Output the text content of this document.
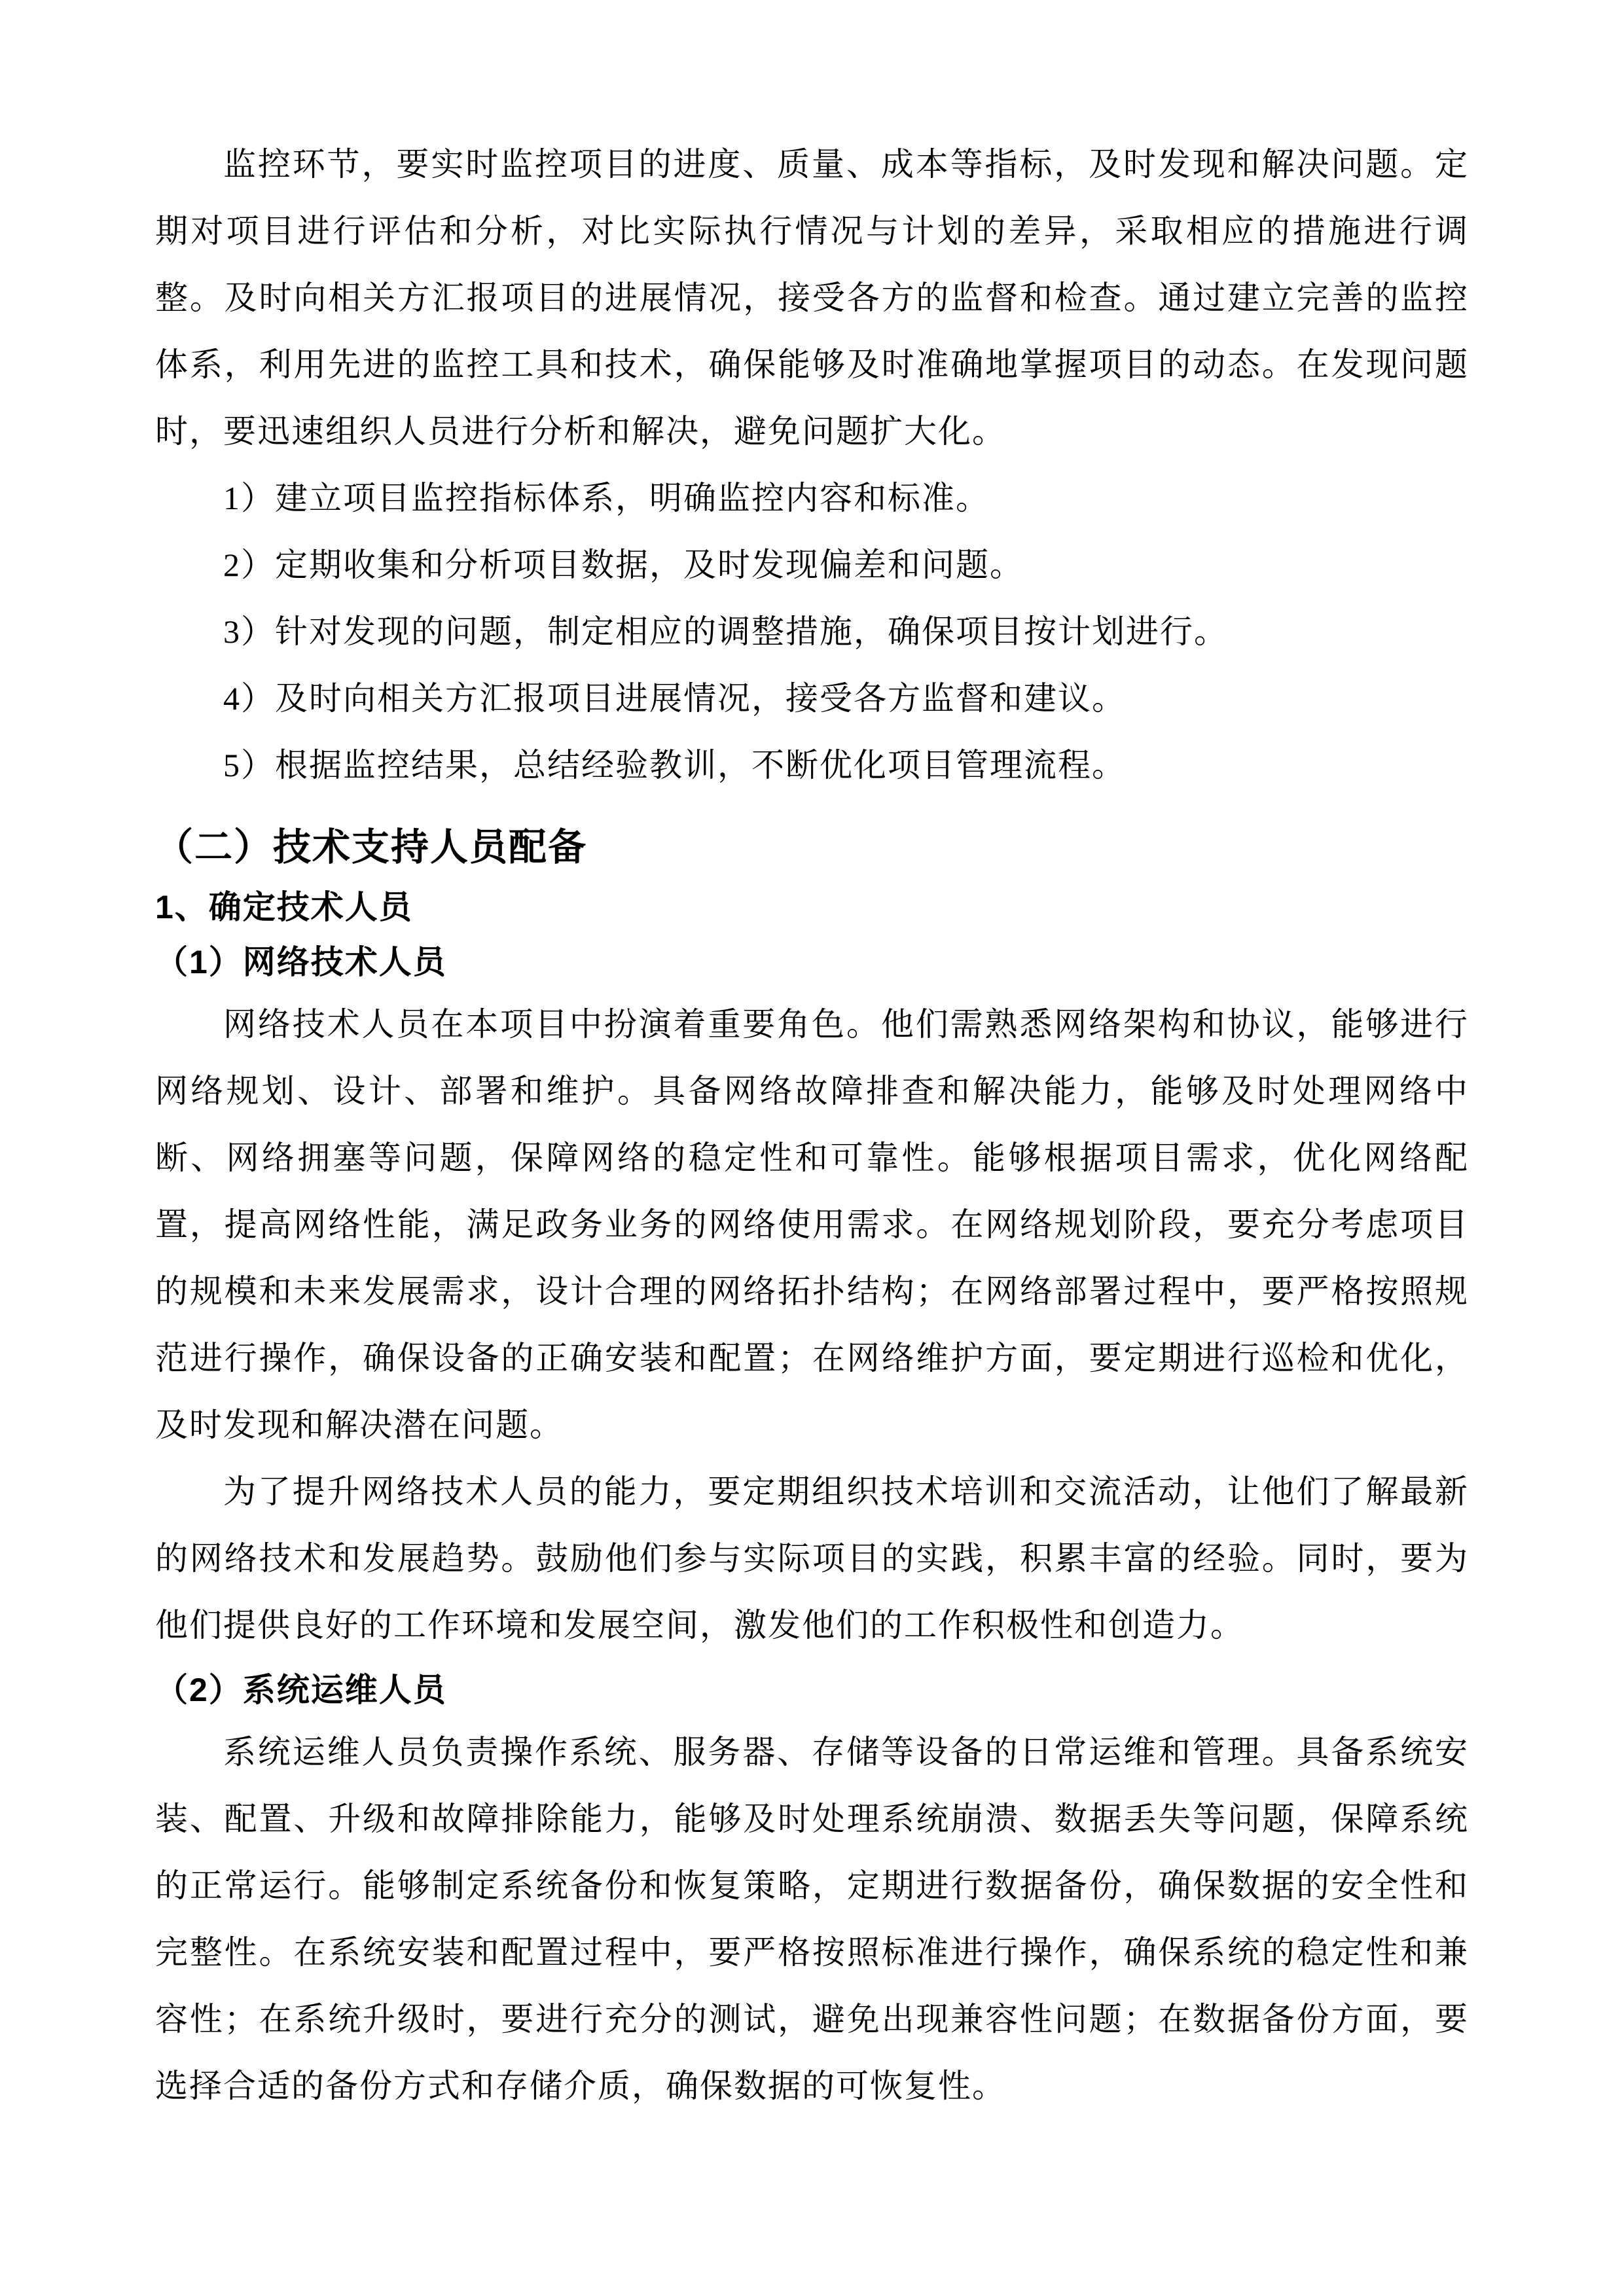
监控环节，要实时监控项目的进度、质量、成本等指标，及时发现和解决问题。定期对项目进行评估和分析，对比实际执行情况与计划的差异，采取相应的措施进行调整。及时向相关方汇报项目的进展情况，接受各方的监督和检查。通过建立完善的监控体系，利用先进的监控工具和技术，确保能够及时准确地掌握项目的动态。在发现问题时，要迅速组织人员进行分析和解决，避免问题扩大化。

1）建立项目监控指标体系，明确监控内容和标准。

2）定期收集和分析项目数据，及时发现偏差和问题。

3）针对发现的问题，制定相应的调整措施，确保项目按计划进行。

4）及时向相关方汇报项目进展情况，接受各方监督和建议。

5）根据监控结果，总结经验教训，不断优化项目管理流程。

（二）技术支持人员配备
1、确定技术人员
（1）网络技术人员

网络技术人员在本项目中扮演着重要角色。他们需熟悉网络架构和协议，能够进行网络规划、设计、部署和维护。具备网络故障排查和解决能力，能够及时处理网络中断、网络拥塞等问题，保障网络的稳定性和可靠性。能够根据项目需求，优化网络配置，提高网络性能，满足政务业务的网络使用需求。在网络规划阶段，要充分考虑项目的规模和未来发展需求，设计合理的网络拓扑结构；在网络部署过程中，要严格按照规范进行操作，确保设备的正确安装和配置；在网络维护方面，要定期进行巡检和优化，及时发现和解决潜在问题。

为了提升网络技术人员的能力，要定期组织技术培训和交流活动，让他们了解最新的网络技术和发展趋势。鼓励他们参与实际项目的实践，积累丰富的经验。同时，要为他们提供良好的工作环境和发展空间，激发他们的工作积极性和创造力。

（2）系统运维人员

系统运维人员负责操作系统、服务器、存储等设备的日常运维和管理。具备系统安装、配置、升级和故障排除能力，能够及时处理系统崩溃、数据丢失等问题，保障系统的正常运行。能够制定系统备份和恢复策略，定期进行数据备份，确保数据的安全性和完整性。在系统安装和配置过程中，要严格按照标准进行操作，确保系统的稳定性和兼容性；在系统升级时，要进行充分的测试，避免出现兼容性问题；在数据备份方面，要选择合适的备份方式和存储介质，确保数据的可恢复性。
